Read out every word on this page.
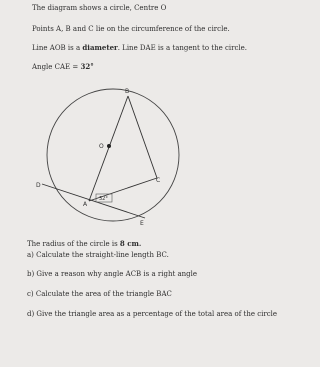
The diagram shows a circle, Centre O
Points A, B and C lie on the circumference of the circle.
Line AOB is a diameter. Line DAE is a tangent to the circle.
Angle CAE = 32°
B
O
C
D
A
E
32°
The radius of the circle is 8 cm.
a) Calculate the straight-line length BC.
b) Give a reason why angle ACB is a right angle
c) Calculate the area of the triangle BAC
d) Give the triangle area as a percentage of the total area of the circle
